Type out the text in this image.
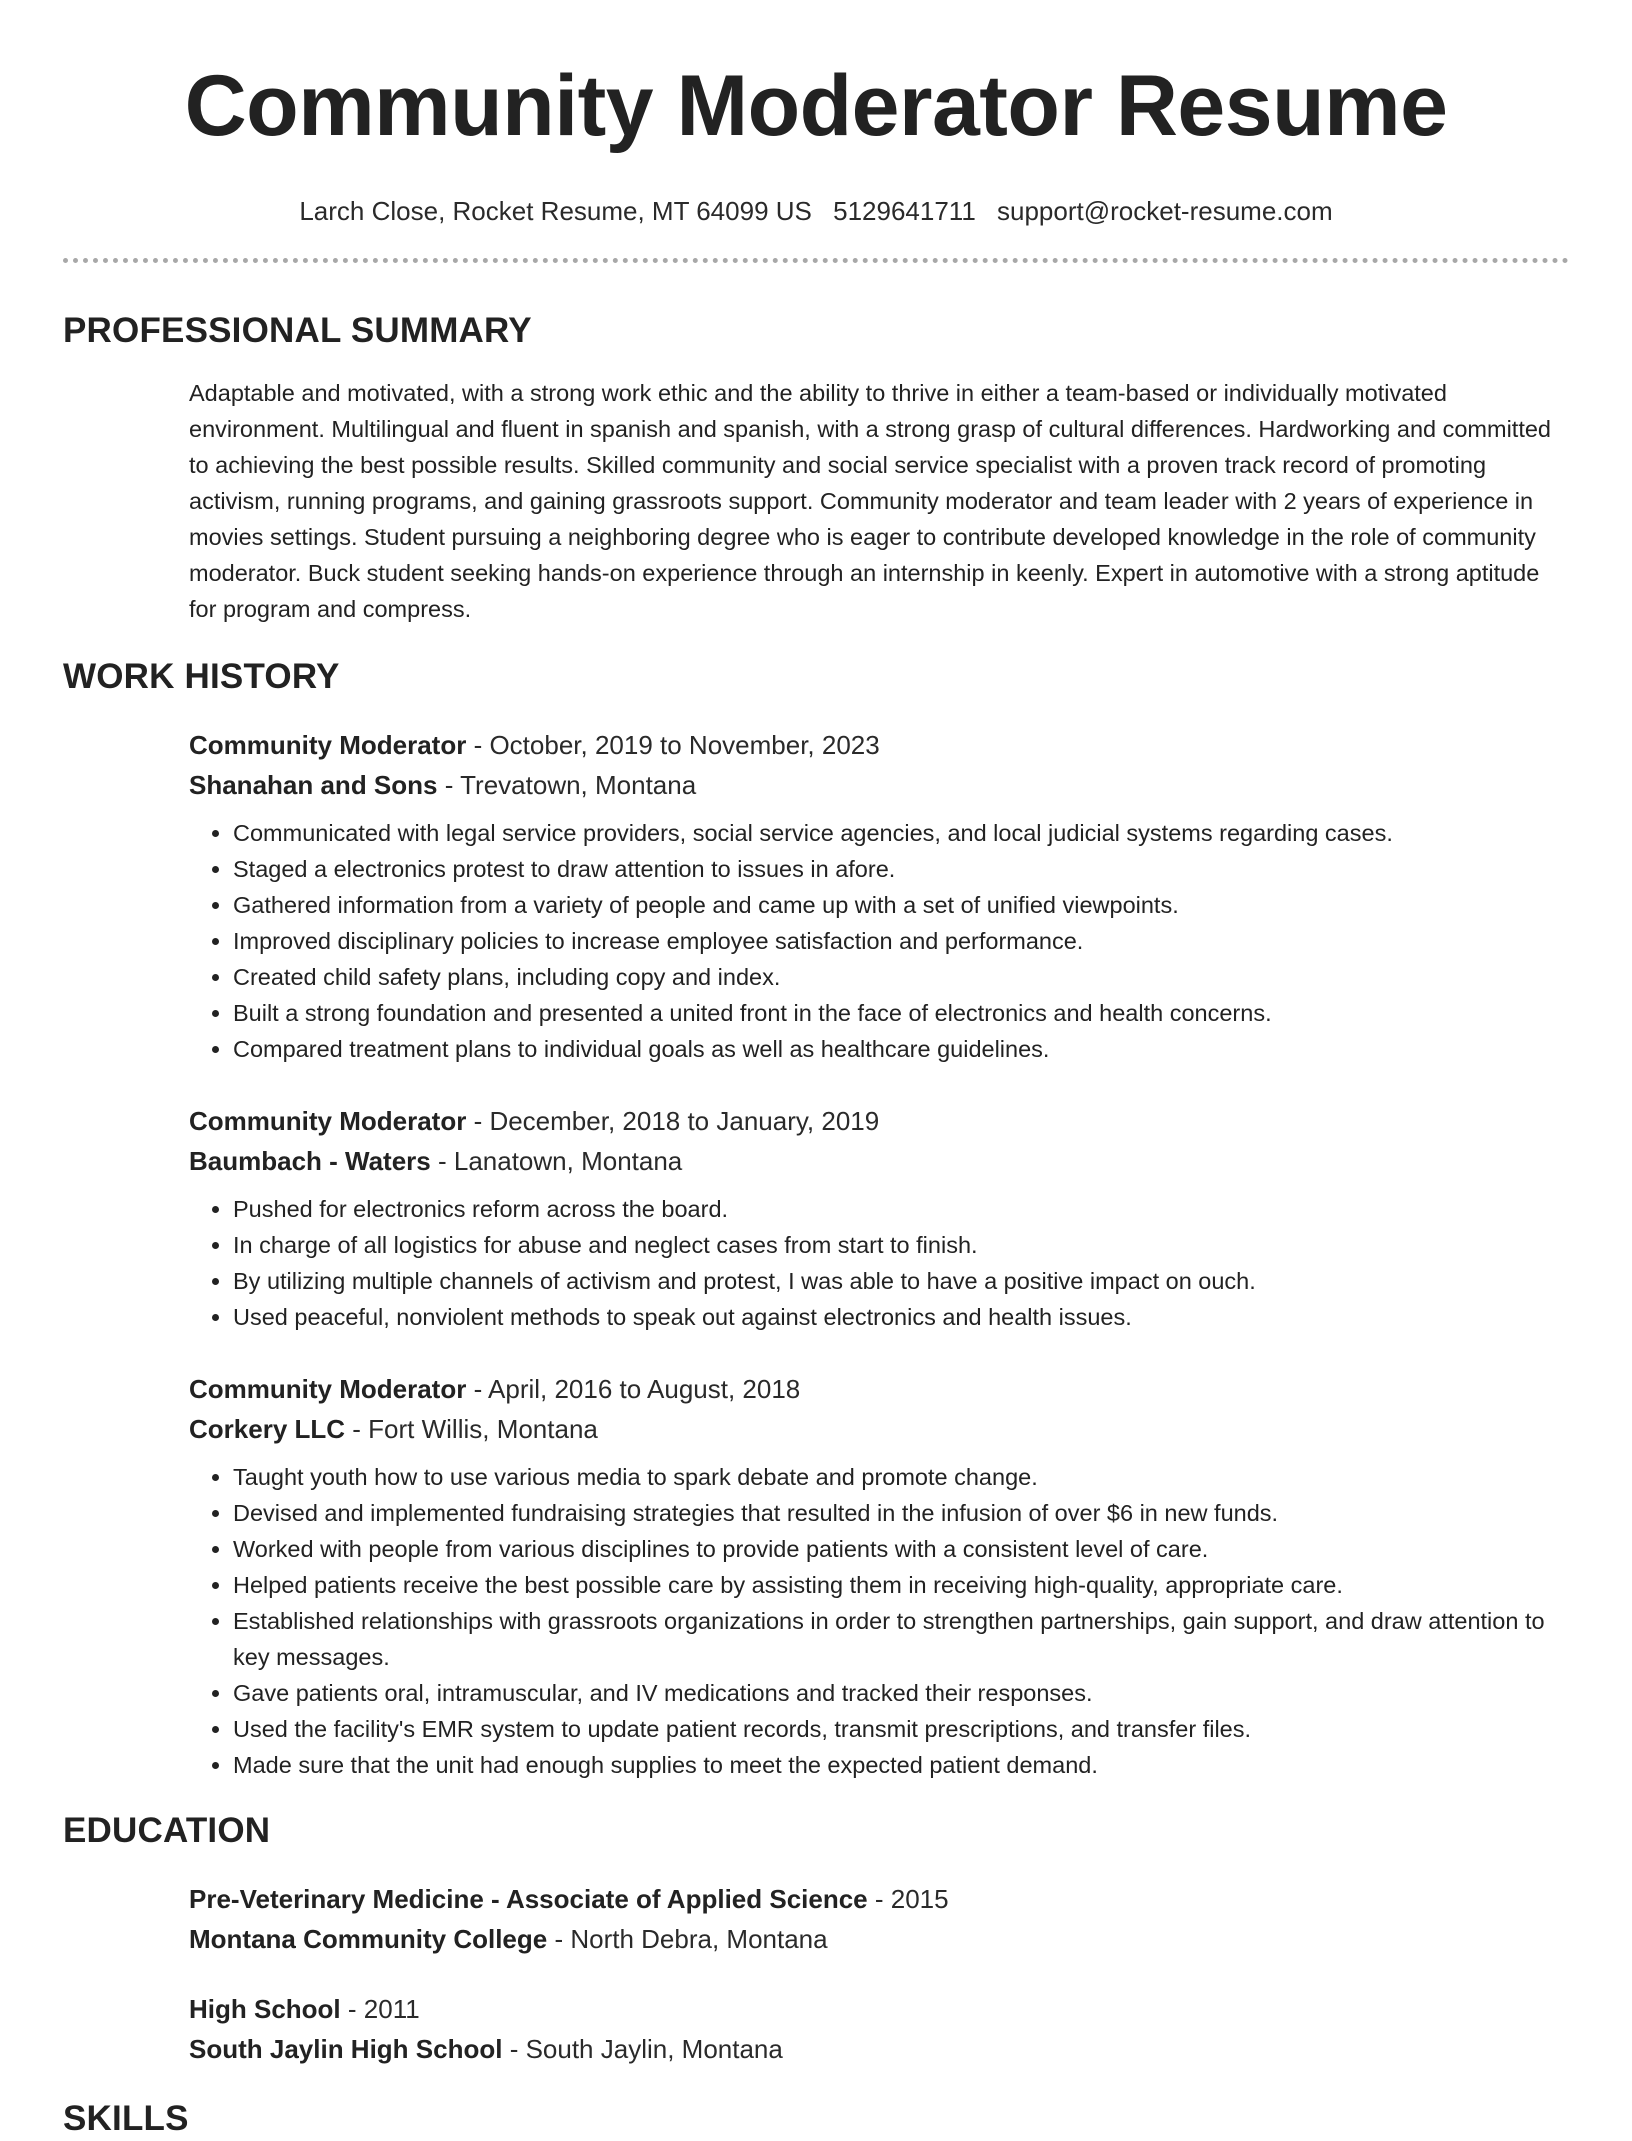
Community Moderator Resume
Larch Close, Rocket Resume, MT 64099 US 5129641711 support@rocket-resume.com
PROFESSIONAL SUMMARY
Adaptable and motivated, with a strong work ethic and the ability to thrive in either a team-based or individually motivated environment. Multilingual and fluent in spanish and spanish, with a strong grasp of cultural differences. Hardworking and committed to achieving the best possible results. Skilled community and social service specialist with a proven track record of promoting activism, running programs, and gaining grassroots support. Community moderator and team leader with 2 years of experience in movies settings. Student pursuing a neighboring degree who is eager to contribute developed knowledge in the role of community moderator. Buck student seeking hands-on experience through an internship in keenly. Expert in automotive with a strong aptitude for program and compress.
WORK HISTORY
Community Moderator - October, 2019 to November, 2023
Shanahan and Sons - Trevatown, Montana
• Communicated with legal service providers, social service agencies, and local judicial systems regarding cases.
• Staged a electronics protest to draw attention to issues in afore.
• Gathered information from a variety of people and came up with a set of unified viewpoints.
• Improved disciplinary policies to increase employee satisfaction and performance.
• Created child safety plans, including copy and index.
• Built a strong foundation and presented a united front in the face of electronics and health concerns.
• Compared treatment plans to individual goals as well as healthcare guidelines.
Community Moderator - December, 2018 to January, 2019
Baumbach - Waters - Lanatown, Montana
• Pushed for electronics reform across the board.
• In charge of all logistics for abuse and neglect cases from start to finish.
• By utilizing multiple channels of activism and protest, I was able to have a positive impact on ouch.
• Used peaceful, nonviolent methods to speak out against electronics and health issues.
Community Moderator - April, 2016 to August, 2018
Corkery LLC - Fort Willis, Montana
• Taught youth how to use various media to spark debate and promote change.
• Devised and implemented fundraising strategies that resulted in the infusion of over $6 in new funds.
• Worked with people from various disciplines to provide patients with a consistent level of care.
• Helped patients receive the best possible care by assisting them in receiving high-quality, appropriate care.
• Established relationships with grassroots organizations in order to strengthen partnerships, gain support, and draw attention to key messages.
• Gave patients oral, intramuscular, and IV medications and tracked their responses.
• Used the facility's EMR system to update patient records, transmit prescriptions, and transfer files.
• Made sure that the unit had enough supplies to meet the expected patient demand.
EDUCATION
Pre-Veterinary Medicine - Associate of Applied Science - 2015
Montana Community College - North Debra, Montana
High School - 2011
South Jaylin High School - South Jaylin, Montana
SKILLS
